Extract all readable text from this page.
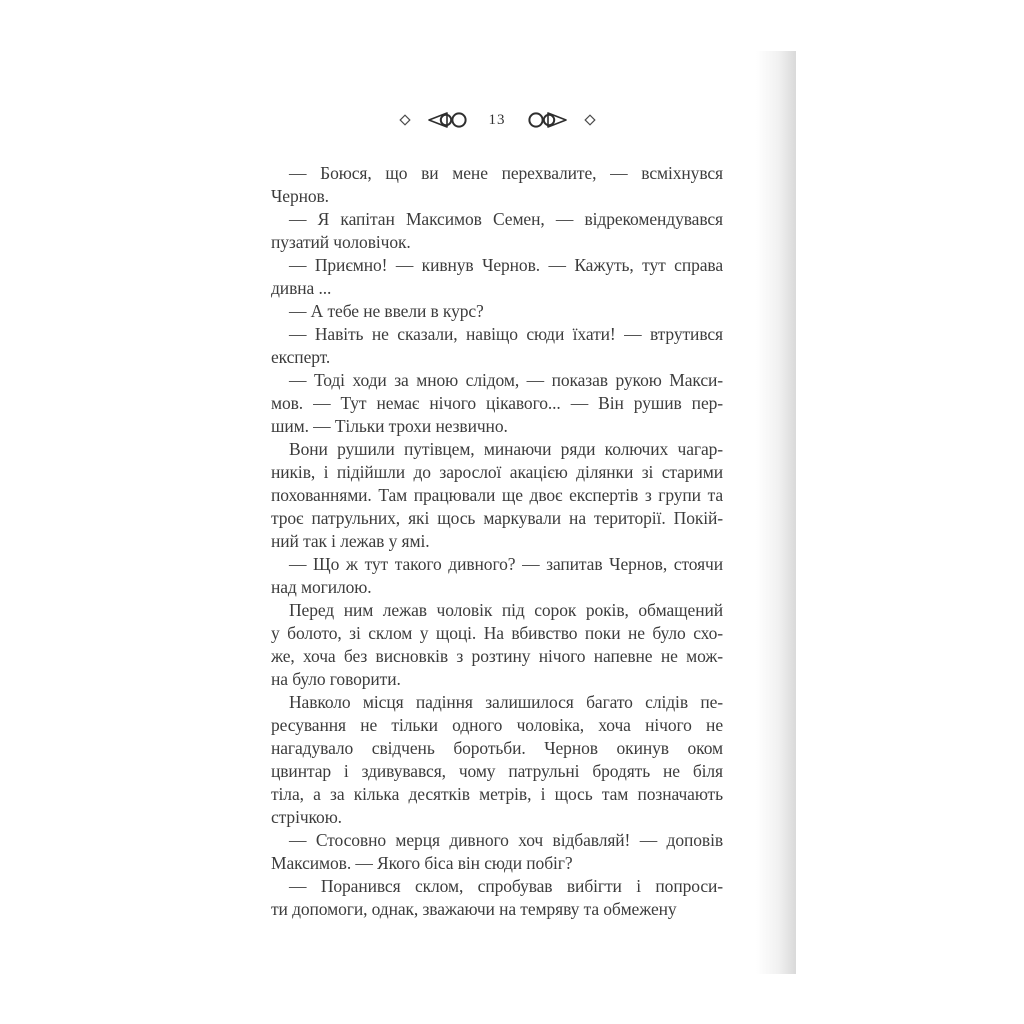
13
— Боюся, що ви мене перехвалите, — всміхнувся
Чернов.
— Я капітан Максимов Семен, — відрекомендувався
пузатий чоловічок.
— Приємно! — кивнув Чернов. — Кажуть, тут справа
дивна ...
— А тебе не ввели в курс?
— Навіть не сказали, навіщо сюди їхати! — втрутився
експерт.
— Тоді ходи за мною слідом, — показав рукою Макси-
мов. — Тут немає нічого цікавого... — Він рушив пер-
шим. — Тільки трохи незвично.
Вони рушили путівцем, минаючи ряди колючих чагар-
ників, і підійшли до зарослої акацією ділянки зі старими
похованнями. Там працювали ще двоє експертів з групи та
троє патрульних, які щось маркували на території. Покій-
ний так і лежав у ямі.
— Що ж тут такого дивного? — запитав Чернов, стоячи
над могилою.
Перед ним лежав чоловік під сорок років, обмащений
у болото, зі склом у щоці. На вбивство поки не було схо-
же, хоча без висновків з розтину нічого напевне не мож-
на було говорити.
Навколо місця падіння залишилося багато слідів пе-
ресування не тільки одного чоловіка, хоча нічого не
нагадувало свідчень боротьби. Чернов окинув оком
цвинтар і здивувався, чому патрульні бродять не біля
тіла, а за кілька десятків метрів, і щось там позначають
стрічкою.
— Стосовно мерця дивного хоч відбавляй! — доповів
Максимов. — Якого біса він сюди побіг?
— Поранився склом, спробував вибігти і попроси-
ти допомоги, однак, зважаючи на темряву та обмежену
